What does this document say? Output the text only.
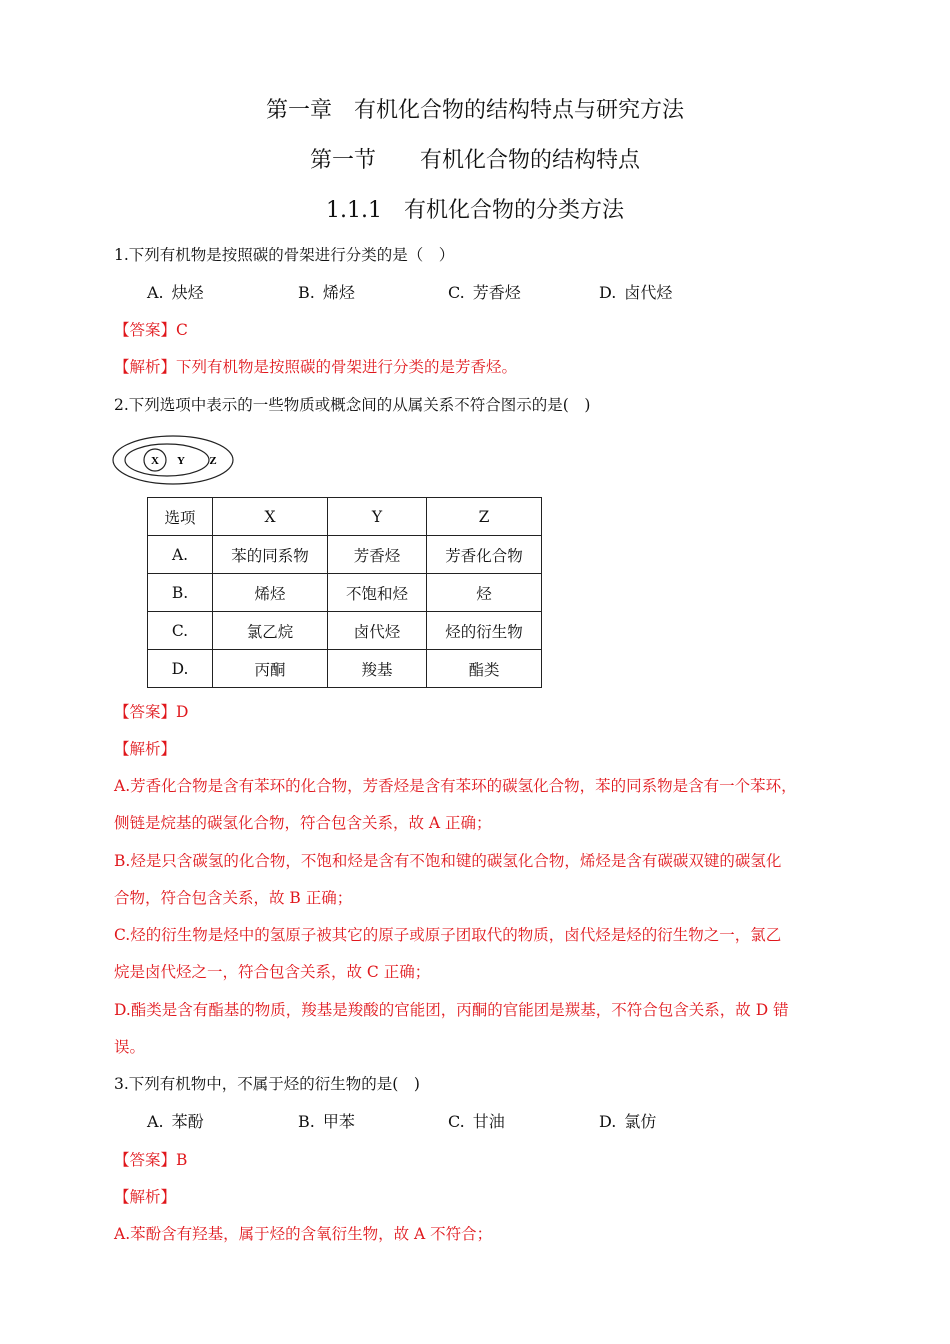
第一章　有机化合物的结构特点与研究方法
第一节　　有机化合物的结构特点
1.1.1　有机化合物的分类方法
1.下列有机物是按照碳的骨架进行分类的是（　）
A. 炔烃	B. 烯烃	C. 芳香烃	D. 卤代烃
【答案】C
【解析】下列有机物是按照碳的骨架进行分类的是芳香烃。
2.下列选项中表示的一些物质或概念间的从属关系不符合图示的是(　)
X Y Z
选项	X	Y	Z
A.	苯的同系物	芳香烃	芳香化合物
B.	烯烃	不饱和烃	烃
C.	氯乙烷	卤代烃	烃的衍生物
D.	丙酮	羧基	酯类
【答案】D
【解析】
A.芳香化合物是含有苯环的化合物，芳香烃是含有苯环的碳氢化合物，苯的同系物是含有一个苯环，
侧链是烷基的碳氢化合物，符合包含关系，故 A 正确；
B.烃是只含碳氢的化合物，不饱和烃是含有不饱和键的碳氢化合物，烯烃是含有碳碳双键的碳氢化
合物，符合包含关系，故 B 正确；
C.烃的衍生物是烃中的氢原子被其它的原子或原子团取代的物质，卤代烃是烃的衍生物之一，氯乙
烷是卤代烃之一，符合包含关系，故 C 正确；
D.酯类是含有酯基的物质，羧基是羧酸的官能团，丙酮的官能团是羰基，不符合包含关系，故 D 错
误。
3.下列有机物中，不属于烃的衍生物的是(　)
A. 苯酚	B. 甲苯	C. 甘油	D. 氯仿
【答案】B
【解析】
A.苯酚含有羟基，属于烃的含氧衍生物，故 A 不符合；
